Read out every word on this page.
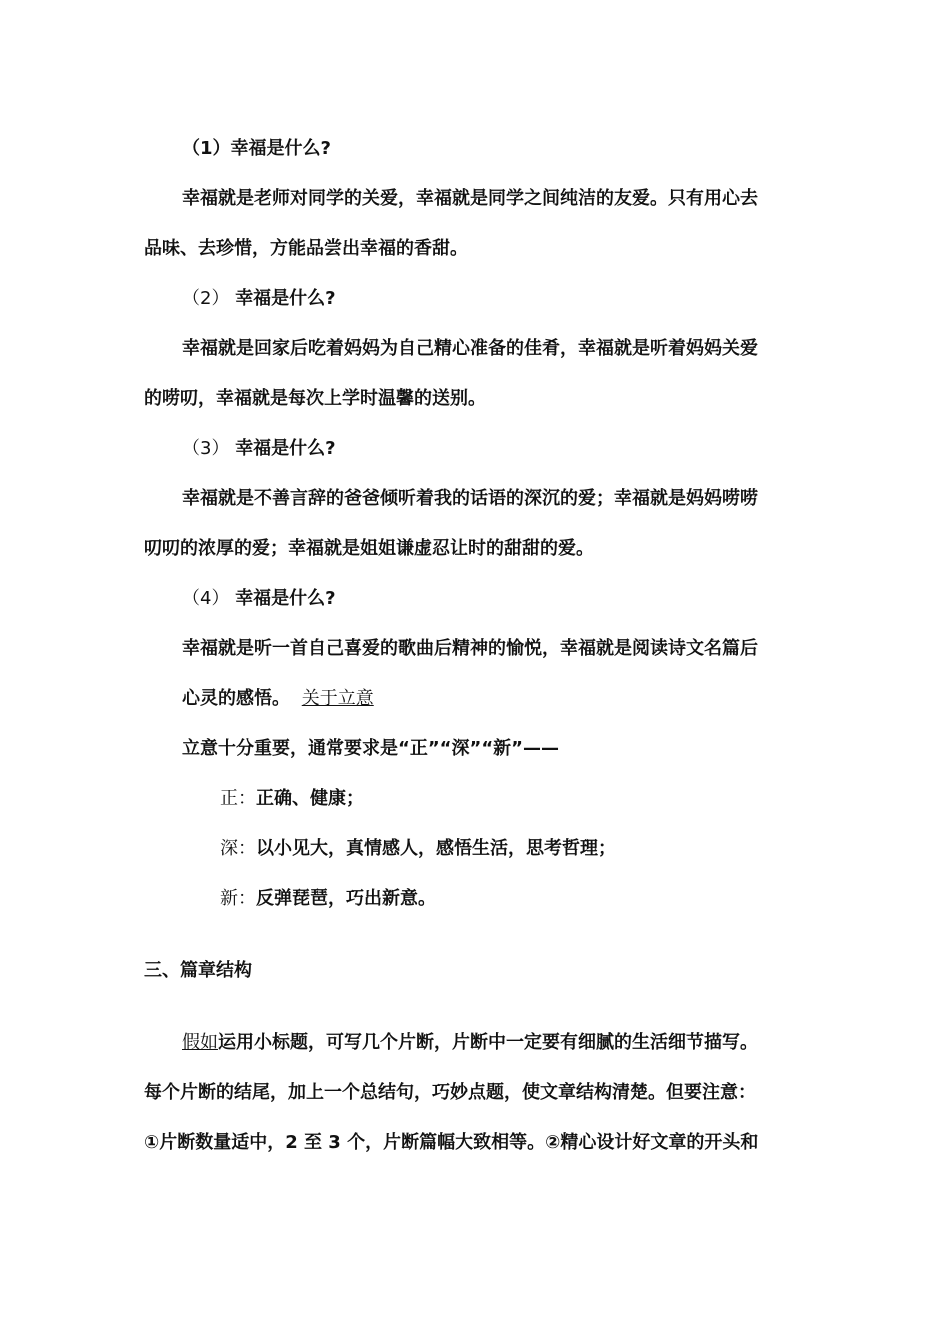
（1）幸福是什么?
幸福就是老师对同学的关爱，幸福就是同学之间纯洁的友爱。只有用心去
品味、去珍惜，方能品尝出幸福的香甜。
（2） 幸福是什么?
幸福就是回家后吃着妈妈为自己精心准备的佳肴，幸福就是听着妈妈关爱
的唠叨，幸福就是每次上学时温馨的送别。
（3） 幸福是什么?
幸福就是不善言辞的爸爸倾听着我的话语的深沉的爱；幸福就是妈妈唠唠
叨叨的浓厚的爱；幸福就是姐姐谦虚忍让时的甜甜的爱。
（4） 幸福是什么?
幸福就是听一首自己喜爱的歌曲后精神的愉悦，幸福就是阅读诗文名篇后
心灵的感悟。 关于立意
立意十分重要，通常要求是“正”“深”“新”——
正：正确、健康；
深：以小见大，真情感人，感悟生活，思考哲理；
新：反弹琵琶，巧出新意。
三、篇章结构
假如运用小标题，可写几个片断，片断中一定要有细腻的生活细节描写。
每个片断的结尾，加上一个总结句，巧妙点题，使文章结构清楚。但要注意：
①片断数量适中，2 至 3 个，片断篇幅大致相等。②精心设计好文章的开头和
